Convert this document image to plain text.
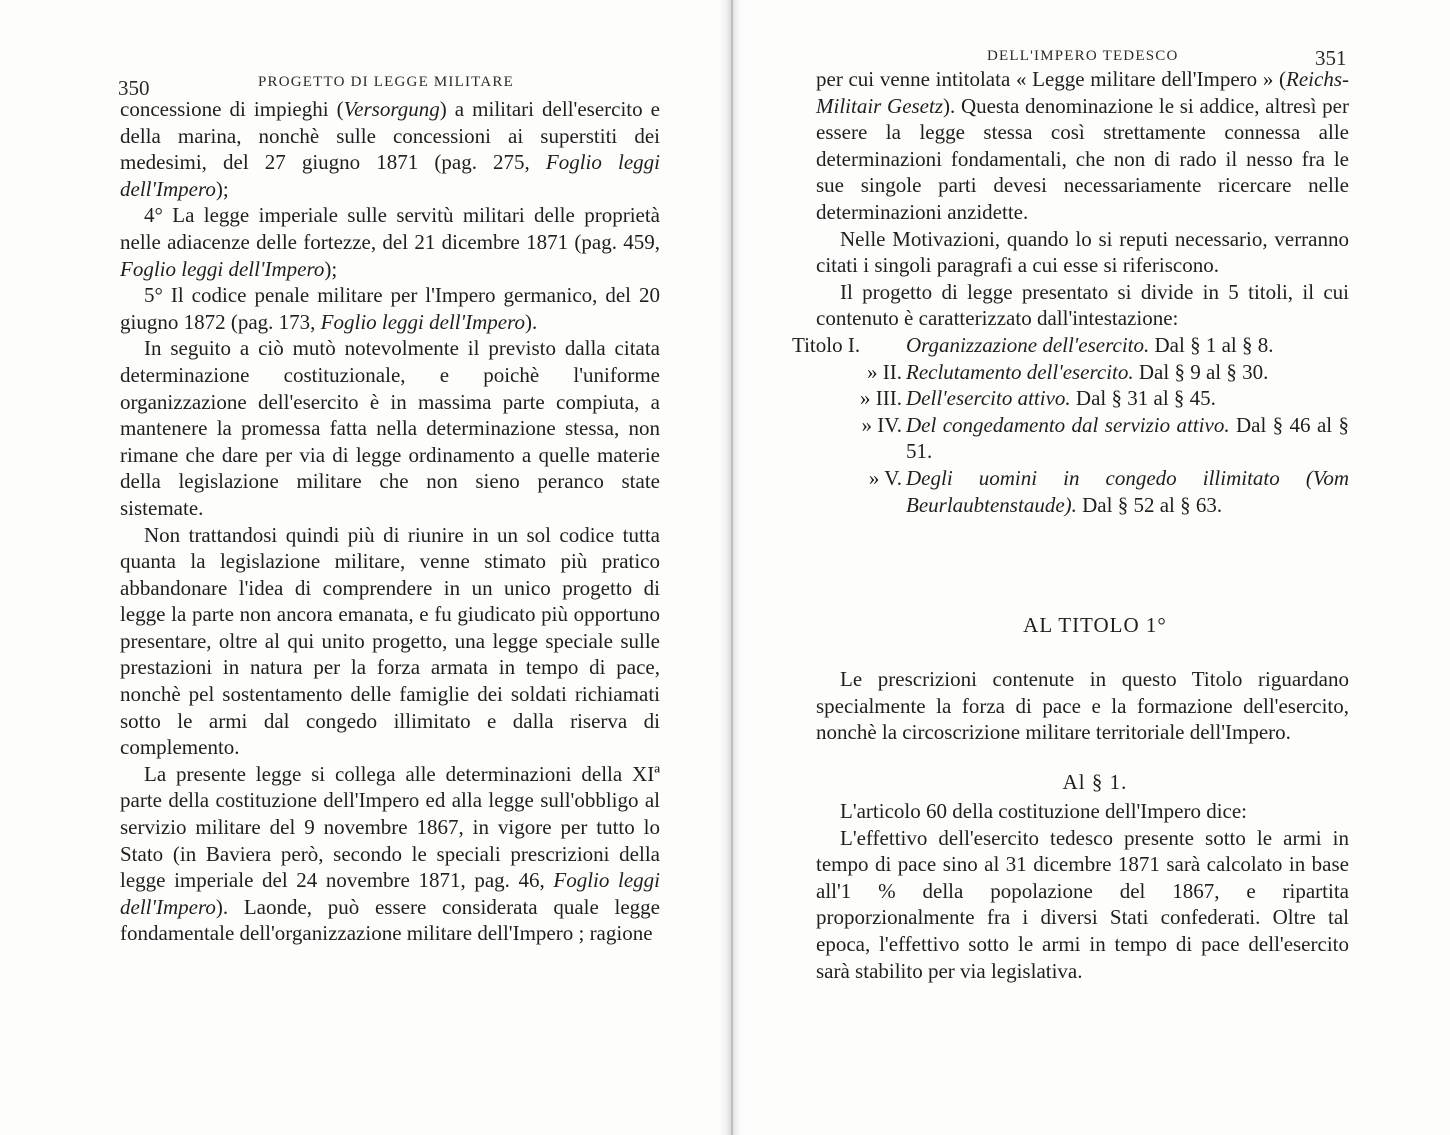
350	PROGETTO DI LEGGE MILITARE

concessione di impieghi (Versorgung) a militari dell'esercito e della marina, nonchè sulle concessioni ai superstiti dei medesimi, del 27 giugno 1871 (pag. 275, Foglio leggi dell'Impero);

4° La legge imperiale sulle servitù militari delle proprietà nelle adiacenze delle fortezze, del 21 dicembre 1871 (pag. 459, Foglio leggi dell'Impero);

5° Il codice penale militare per l'Impero germanico, del 20 giugno 1872 (pag. 173, Foglio leggi dell'Impero).

In seguito a ciò mutò notevolmente il previsto dalla citata determinazione costituzionale, e poichè l'uniforme organizzazione dell'esercito è in massima parte compiuta, a mantenere la promessa fatta nella determinazione stessa, non rimane che dare per via di legge ordinamento a quelle materie della legislazione militare che non sieno peranco state sistemate.

Non trattandosi quindi più di riunire in un sol codice tutta quanta la legislazione militare, venne stimato più pratico abbandonare l'idea di comprendere in un unico progetto di legge la parte non ancora emanata, e fu giudicato più opportuno presentare, oltre al qui unito progetto, una legge speciale sulle prestazioni in natura per la forza armata in tempo di pace, nonchè pel sostentamento delle famiglie dei soldati richiamati sotto le armi dal congedo illimitato e dalla riserva di complemento.

La presente legge si collega alle determinazioni della XIª parte della costituzione dell'Impero ed alla legge sull'obbligo al servizio militare del 9 novembre 1867, in vigore per tutto lo Stato (in Baviera però, secondo le speciali prescrizioni della legge imperiale del 24 novembre 1871, pag. 46, Foglio leggi dell'Impero). Laonde, può essere considerata quale legge fondamentale dell'organizzazione militare dell'Impero ; ragione

DELL'IMPERO TEDESCO	351

per cui venne intitolata « Legge militare dell'Impero » (Reichs-Militair Gesetz). Questa denominazione le si addice, altresì per essere la legge stessa così strettamente connessa alle determinazioni fondamentali, che non di rado il nesso fra le sue singole parti devesi necessariamente ricercare nelle determinazioni anzidette.

Nelle Motivazioni, quando lo si reputi necessario, verranno citati i singoli paragrafi a cui esse si riferiscono.

Il progetto di legge presentato si divide in 5 titoli, il cui contenuto è caratterizzato dall'intestazione:

Titolo I.	Organizzazione dell'esercito. Dal § 1 al § 8.
» II. Reclutamento dell'esercito. Dal § 9 al § 30.
» III. Dell'esercito attivo. Dal § 31 al § 45.
» IV. Del congedamento dal servizio attivo. Dal § 46 al § 51.
» V. Degli uomini in congedo illimitato (Vom Beurlaubtenstaude). Dal § 52 al § 63.
AL TITOLO 1°

Le prescrizioni contenute in questo Titolo riguardano specialmente la forza di pace e la formazione dell'esercito, nonchè la circoscrizione militare territoriale dell'Impero.

Al § 1.

L'articolo 60 della costituzione dell'Impero dice:

L'effettivo dell'esercito tedesco presente sotto le armi in tempo di pace sino al 31 dicembre 1871 sarà calcolato in base all'1 % della popolazione del 1867, e ripartita proporzionalmente fra i diversi Stati confederati. Oltre tal epoca, l'effettivo sotto le armi in tempo di pace dell'esercito sarà stabilito per via legislativa.
